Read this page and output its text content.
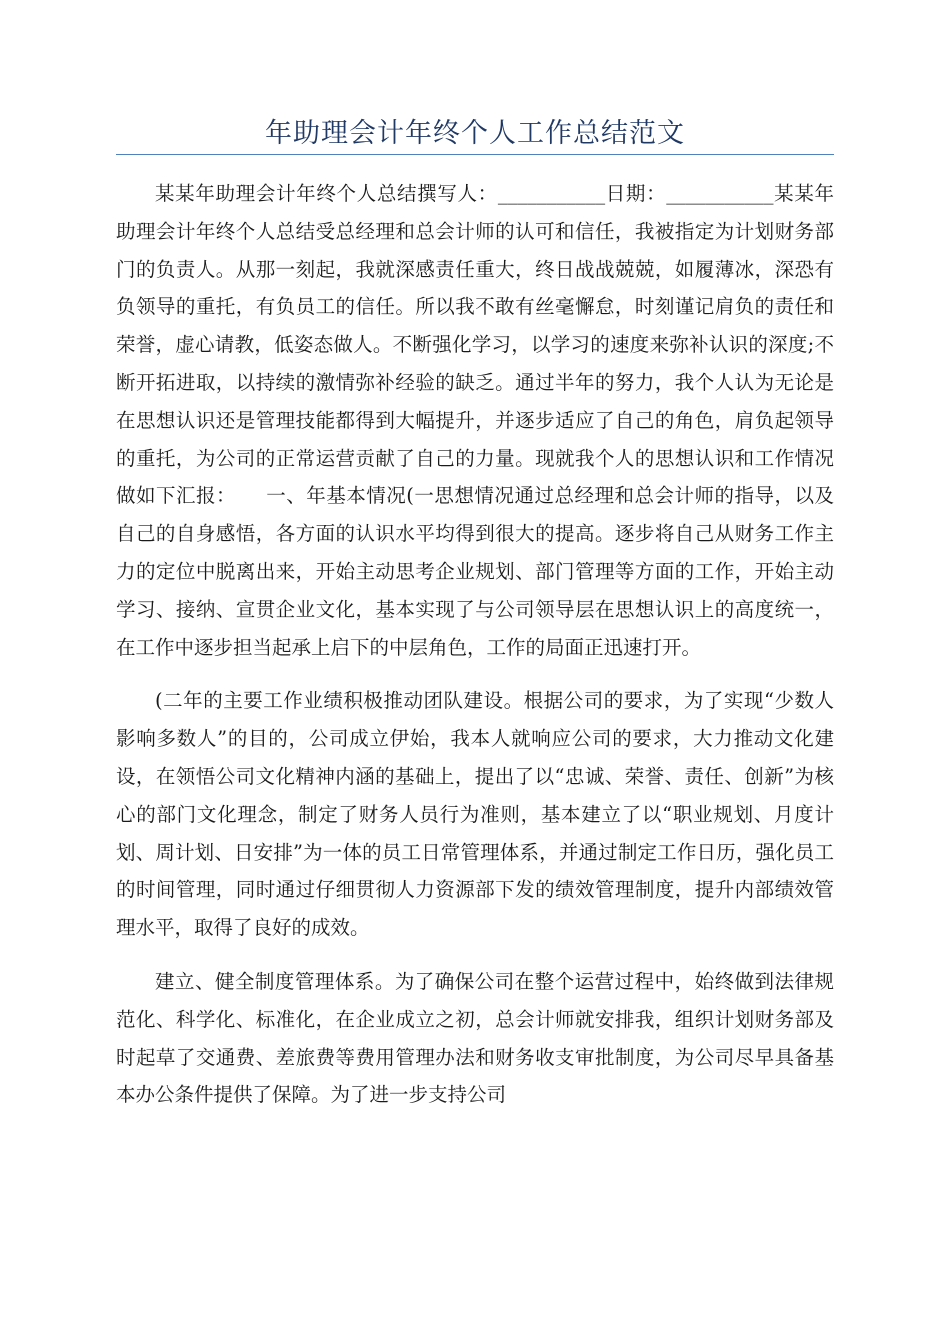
年助理会计年终个人工作总结范文

某某年助理会计年终个人总结撰写人：___________日期：___________某某年助理会计年终个人总结受总经理和总会计师的认可和信任，我被指定为计划财务部门的负责人。从那一刻起，我就深感责任重大，终日战战兢兢，如履薄冰，深恐有负领导的重托，有负员工的信任。所以我不敢有丝毫懈怠，时刻谨记肩负的责任和荣誉，虚心请教，低姿态做人。不断强化学习，以学习的速度来弥补认识的深度;不断开拓进取，以持续的激情弥补经验的缺乏。通过半年的努力，我个人认为无论是在思想认识还是管理技能都得到大幅提升，并逐步适应了自己的角色，肩负起领导的重托，为公司的正常运营贡献了自己的力量。现就我个人的思想认识和工作情况做如下汇报：　　一、年基本情况(一思想情况通过总经理和总会计师的指导，以及自己的自身感悟，各方面的认识水平均得到很大的提高。逐步将自己从财务工作主力的定位中脱离出来，开始主动思考企业规划、部门管理等方面的工作，开始主动学习、接纳、宣贯企业文化，基本实现了与公司领导层在思想认识上的高度统一，在工作中逐步担当起承上启下的中层角色，工作的局面正迅速打开。

(二年的主要工作业绩积极推动团队建设。根据公司的要求，为了实现“少数人影响多数人”的目的，公司成立伊始，我本人就响应公司的要求，大力推动文化建设，在领悟公司文化精神内涵的基础上，提出了以“忠诚、荣誉、责任、创新”为核心的部门文化理念，制定了财务人员行为准则，基本建立了以“职业规划、月度计划、周计划、日安排”为一体的员工日常管理体系，并通过制定工作日历，强化员工的时间管理，同时通过仔细贯彻人力资源部下发的绩效管理制度，提升内部绩效管理水平，取得了良好的成效。

建立、健全制度管理体系。为了确保公司在整个运营过程中，始终做到法律规范化、科学化、标准化，在企业成立之初，总会计师就安排我，组织计划财务部及时起草了交通费、差旅费等费用管理办法和财务收支审批制度，为公司尽早具备基本办公条件提供了保障。为了进一步支持公司
